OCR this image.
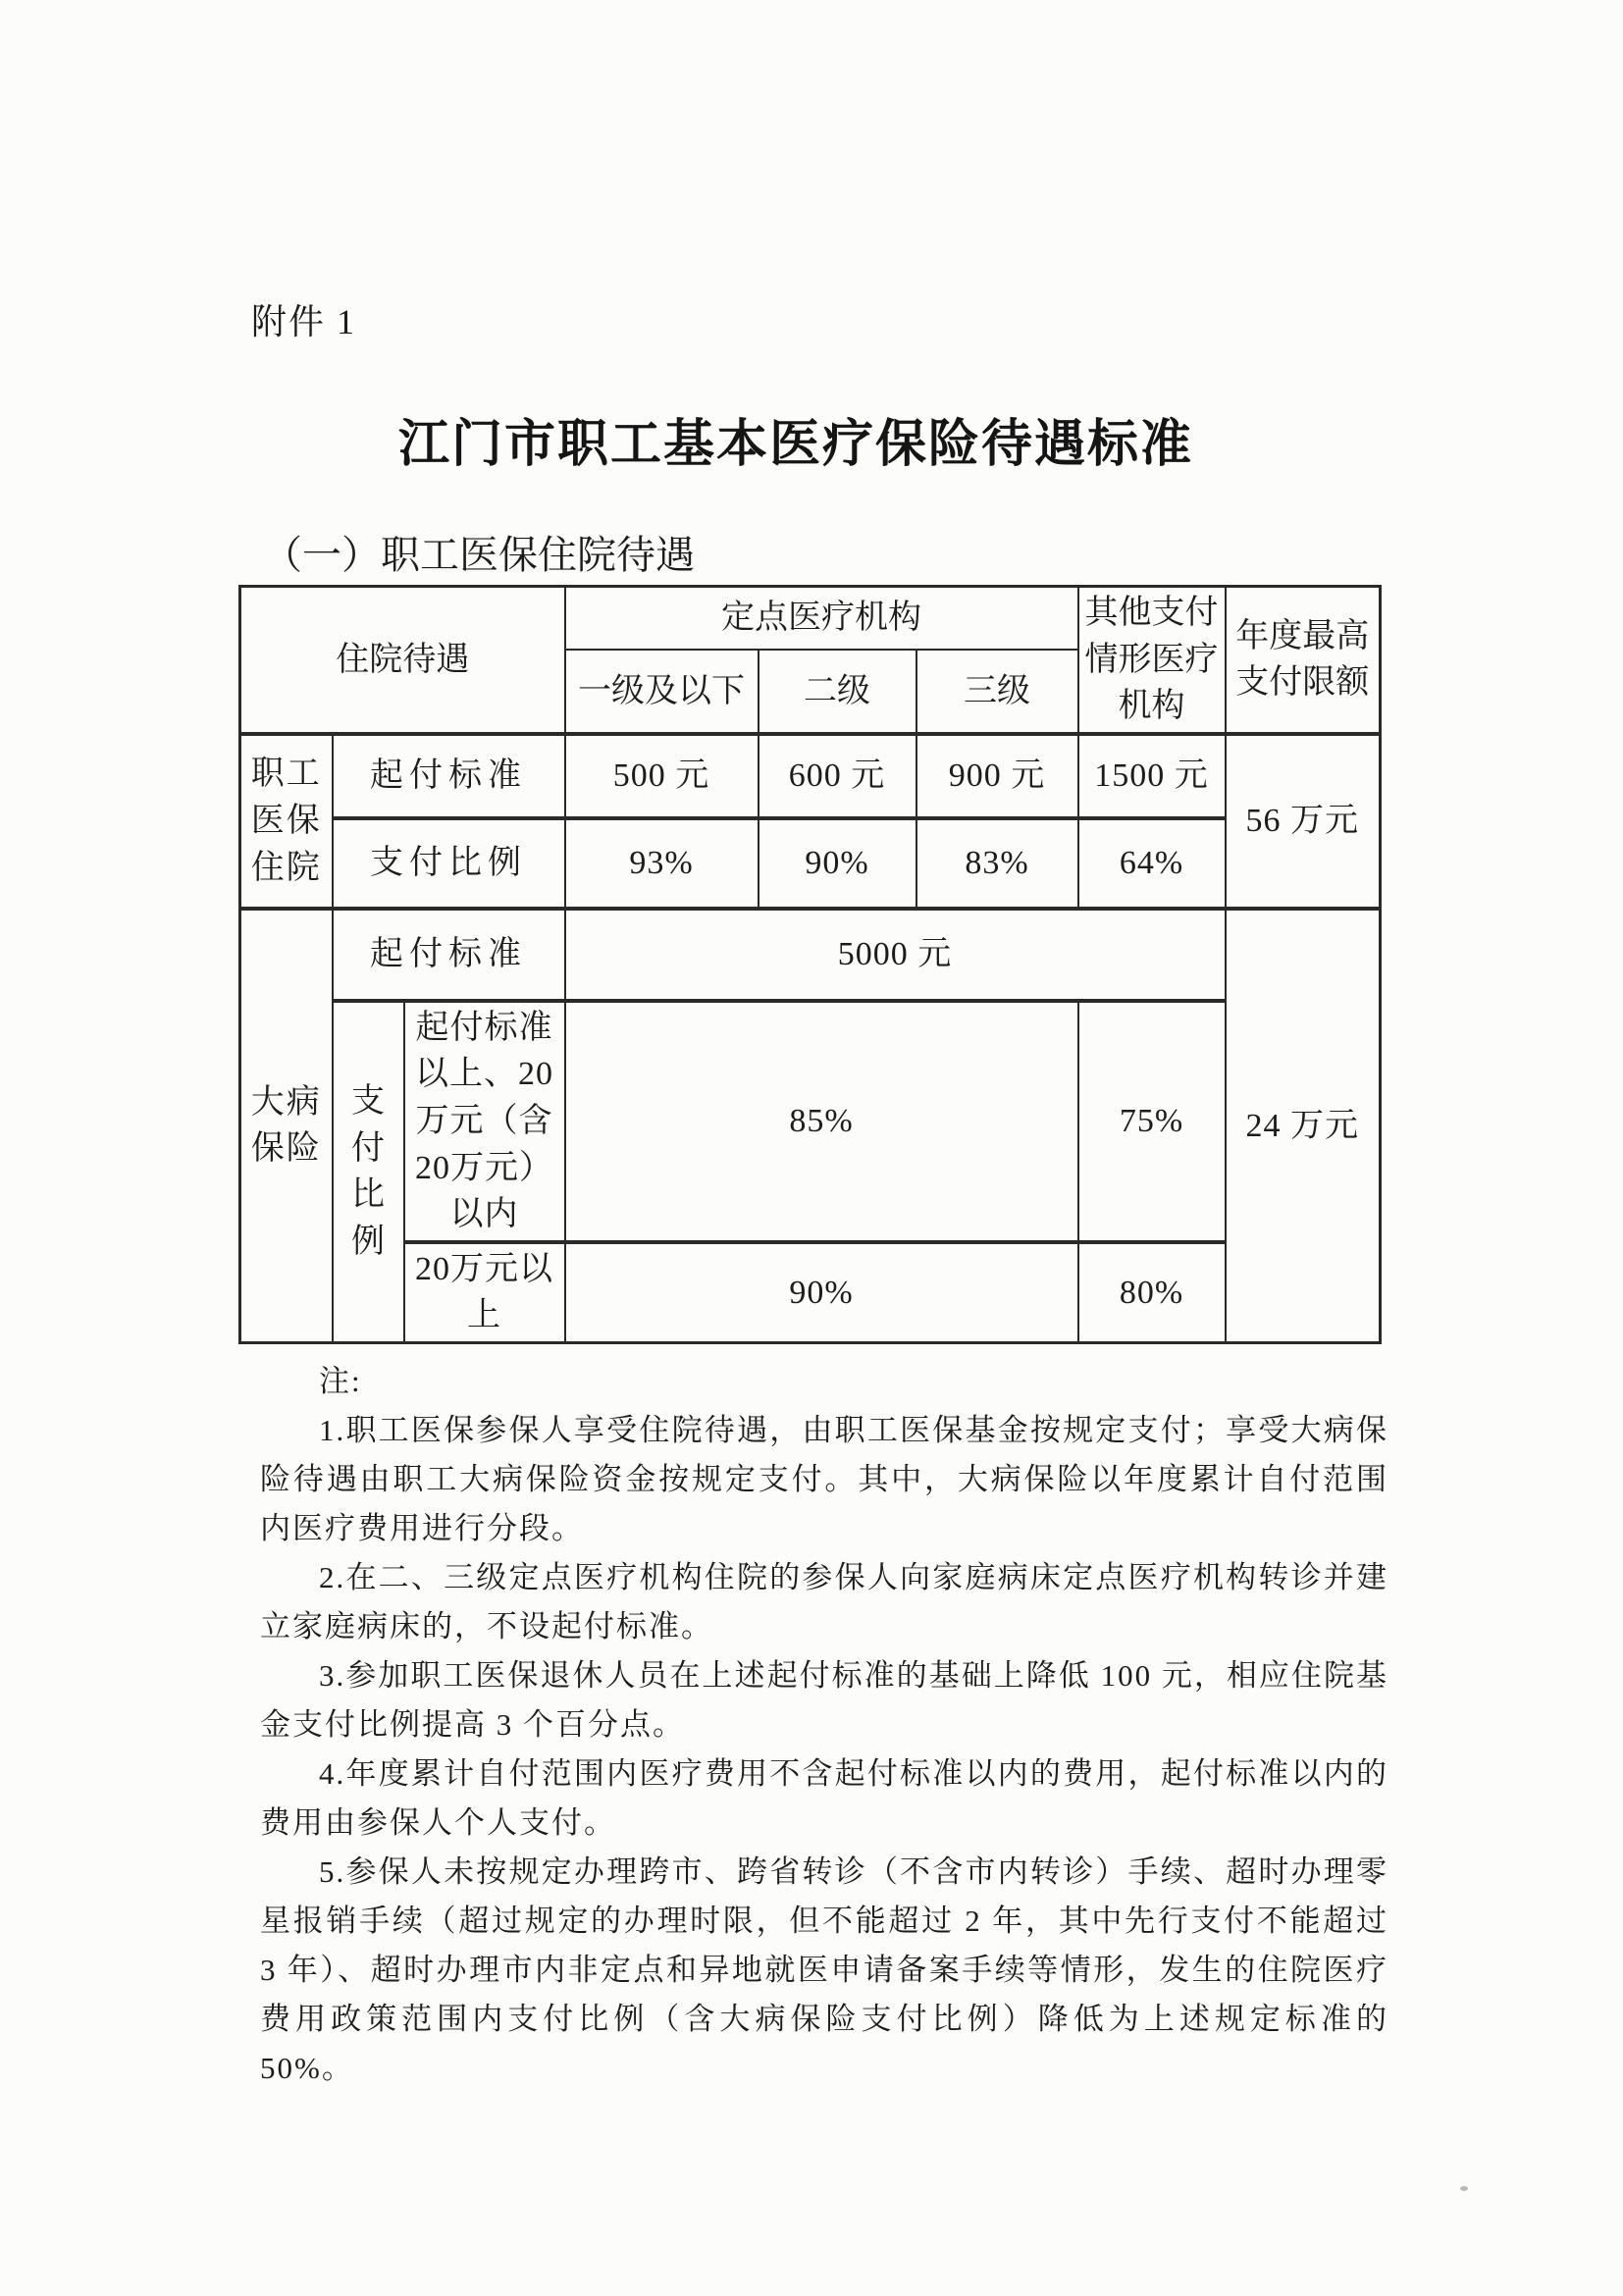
附件 1
江门市职工基本医疗保险待遇标准
（一）职工医保住院待遇
住院待遇			定点医疗机构			其他支付情形医疗机构	年度最高支付限额
			一级及以下	二级	三级		
职工医保住院	起付标准		500 元	600 元	900 元	1500 元	56 万元
	支付比例		93%	90%	83%	64%	
大病保险	起付标准		5000 元				24 万元
	支付比例	起付标准以上、20万元（含20万元）以内	85%			75%	
		20万元以上	90%			80%	
注:

1.职工医保参保人享受住院待遇，由职工医保基金按规定支付；享受大病保险待遇由职工大病保险资金按规定支付。其中，大病保险以年度累计自付范围内医疗费用进行分段。

2.在二、三级定点医疗机构住院的参保人向家庭病床定点医疗机构转诊并建立家庭病床的，不设起付标准。

3.参加职工医保退休人员在上述起付标准的基础上降低 100 元，相应住院基金支付比例提高 3 个百分点。

4.年度累计自付范围内医疗费用不含起付标准以内的费用，起付标准以内的费用由参保人个人支付。

5.参保人未按规定办理跨市、跨省转诊（不含市内转诊）手续、超时办理零星报销手续（超过规定的办理时限，但不能超过 2 年，其中先行支付不能超过 3 年）、超时办理市内非定点和异地就医申请备案手续等情形，发生的住院医疗费用政策范围内支付比例（含大病保险支付比例）降低为上述规定标准的 50%。
